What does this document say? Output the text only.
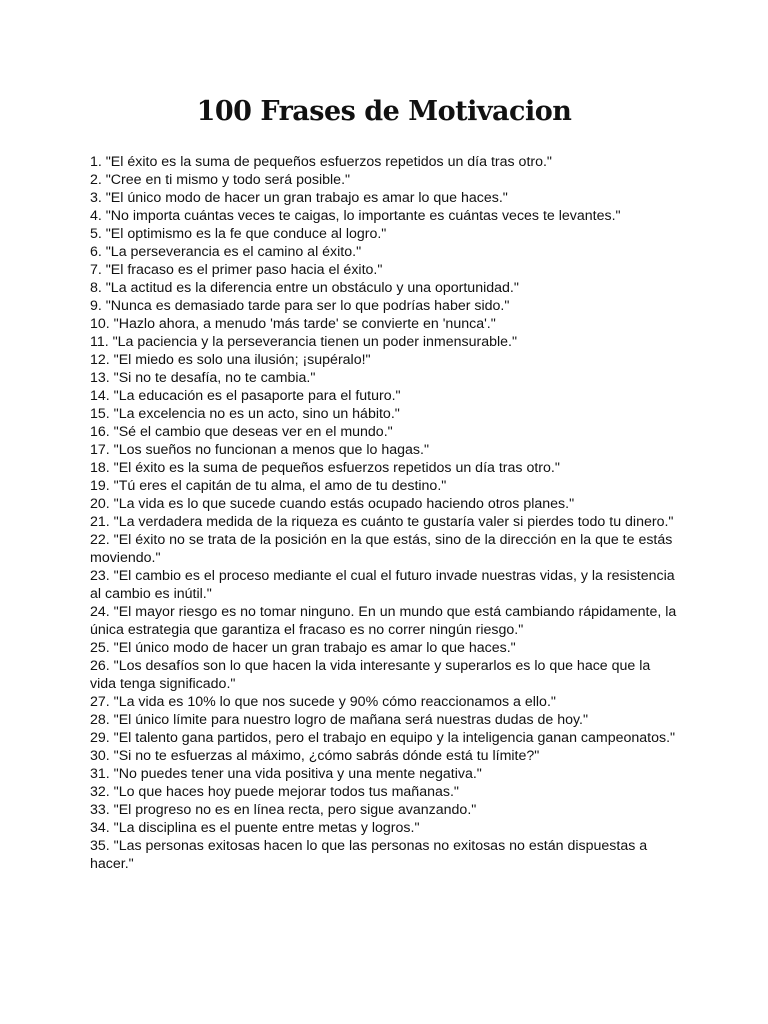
100 Frases de Motivacion
1. "El éxito es la suma de pequeños esfuerzos repetidos un día tras otro."
2. "Cree en ti mismo y todo será posible."
3. "El único modo de hacer un gran trabajo es amar lo que haces."
4. "No importa cuántas veces te caigas, lo importante es cuántas veces te levantes."
5. "El optimismo es la fe que conduce al logro."
6. "La perseverancia es el camino al éxito."
7. "El fracaso es el primer paso hacia el éxito."
8. "La actitud es la diferencia entre un obstáculo y una oportunidad."
9. "Nunca es demasiado tarde para ser lo que podrías haber sido."
10. "Hazlo ahora, a menudo 'más tarde' se convierte en 'nunca'."
11. "La paciencia y la perseverancia tienen un poder inmensurable."
12. "El miedo es solo una ilusión; ¡supéralo!"
13. "Si no te desafía, no te cambia."
14. "La educación es el pasaporte para el futuro."
15. "La excelencia no es un acto, sino un hábito."
16. "Sé el cambio que deseas ver en el mundo."
17. "Los sueños no funcionan a menos que lo hagas."
18. "El éxito es la suma de pequeños esfuerzos repetidos un día tras otro."
19. "Tú eres el capitán de tu alma, el amo de tu destino."
20. "La vida es lo que sucede cuando estás ocupado haciendo otros planes."
21. "La verdadera medida de la riqueza es cuánto te gustaría valer si pierdes todo tu dinero."
22. "El éxito no se trata de la posición en la que estás, sino de la dirección en la que te estás moviendo."
23. "El cambio es el proceso mediante el cual el futuro invade nuestras vidas, y la resistencia al cambio es inútil."
24. "El mayor riesgo es no tomar ninguno. En un mundo que está cambiando rápidamente, la única estrategia que garantiza el fracaso es no correr ningún riesgo."
25. "El único modo de hacer un gran trabajo es amar lo que haces."
26. "Los desafíos son lo que hacen la vida interesante y superarlos es lo que hace que la vida tenga significado."
27. "La vida es 10% lo que nos sucede y 90% cómo reaccionamos a ello."
28. "El único límite para nuestro logro de mañana será nuestras dudas de hoy."
29. "El talento gana partidos, pero el trabajo en equipo y la inteligencia ganan campeonatos."
30. "Si no te esfuerzas al máximo, ¿cómo sabrás dónde está tu límite?"
31. "No puedes tener una vida positiva y una mente negativa."
32. "Lo que haces hoy puede mejorar todos tus mañanas."
33. "El progreso no es en línea recta, pero sigue avanzando."
34. "La disciplina es el puente entre metas y logros."
35. "Las personas exitosas hacen lo que las personas no exitosas no están dispuestas a hacer."
